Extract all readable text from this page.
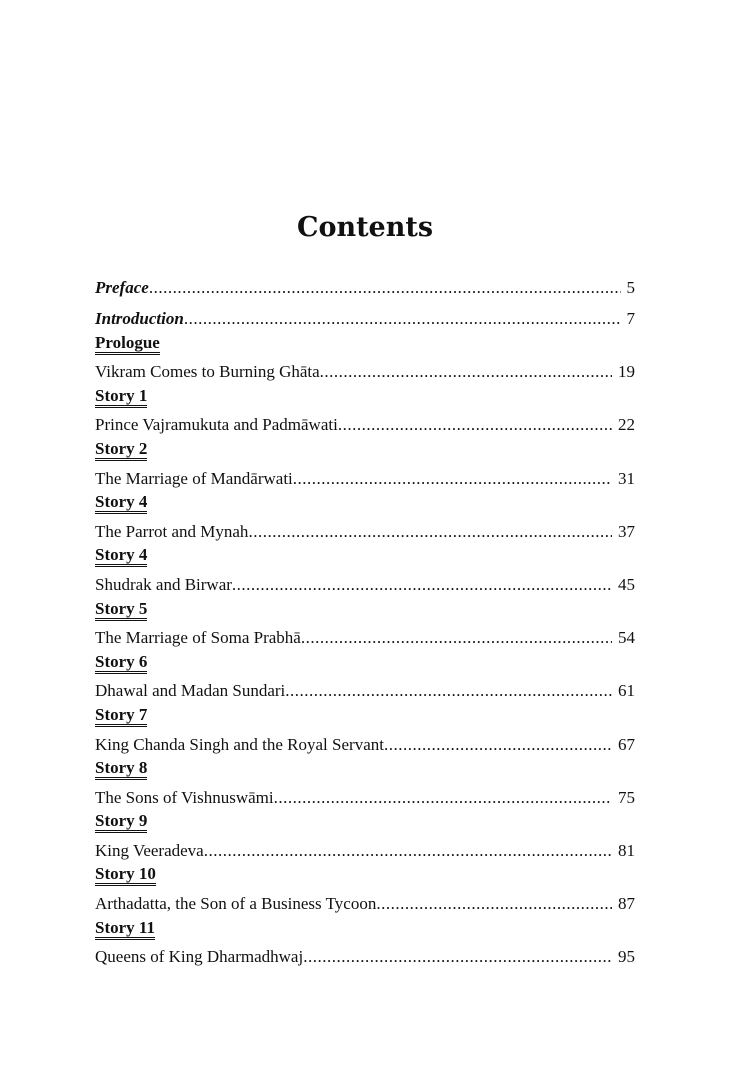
Contents
Preface .....	5
Introduction .....	7
Prologue
Vikram Comes to Burning Ghāta .....	19
Story 1
Prince Vajramukuta and Padmāwati .....	22
Story 2
The Marriage of Mandārwati .....	31
Story 4
The Parrot and Mynah .....	37
Story 4
Shudrak and Birwar .....	45
Story 5
The Marriage of Soma Prabhā .....	54
Story 6
Dhawal and Madan Sundari .....	61
Story 7
King Chanda Singh and the Royal Servant .....	67
Story 8
The Sons of Vishnuswāmi .....	75
Story 9
King Veeradeva .....	81
Story 10
Arthadatta, the Son of a Business Tycoon .....	87
Story 11
Queens of King Dharmadhwaj .....	95
